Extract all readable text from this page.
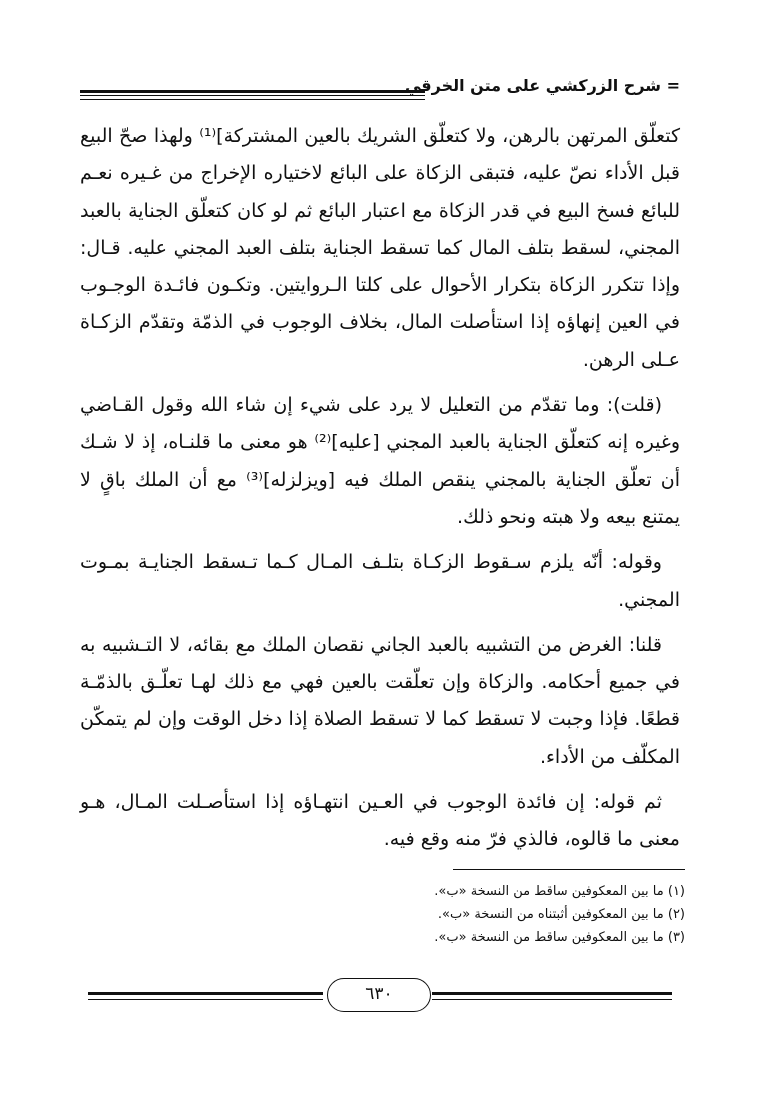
= شرح الزركشي على متن الخرقي

كتعلّق المرتهن بالرهن، ولا كتعلّق الشريك بالعين المشتركة]⁽¹⁾ ولهذا صحّ البيع قبل الأداء نصّ عليه، فتبقى الزكاة على البائع لاختياره الإخراج من غـيره نعـم للبائع فسخ البيع في قدر الزكاة مع اعتبار البائع ثم لو كان كتعلّق الجناية بالعبد المجني، لسقط بتلف المال كما تسقط الجناية بتلف العبد المجني عليه. قـال: وإذا تتكرر الزكاة بتكرار الأحوال على كلتا الـروايتين. وتكـون فائـدة الوجـوب في العين إنهاؤه إذا استأصلت المال، بخلاف الوجوب في الذمّة وتقدّم الزكـاة عـلى الرهن.

(قلت): وما تقدّم من التعليل لا يرد على شيء إن شاء الله وقول القـاضي وغيره إنه كتعلّق الجناية بالعبد المجني [عليه]⁽²⁾ هو معنى ما قلنـاه، إذ لا شـك أن تعلّق الجناية بالمجني ينقص الملك فيه [ويزلزله]⁽³⁾ مع أن الملك باقٍ لا يمتنع بيعه ولا هبته ونحو ذلك.

وقوله: أنّه يلزم سـقوط الزكـاة بتلـف المـال كـما تـسقط الجنايـة بمـوت المجني.

قلنا: الغرض من التشبيه بالعبد الجاني نقصان الملك مع بقائه، لا التـشبيه به في جميع أحكامه. والزكاة وإن تعلّقت بالعين فهي مع ذلك لهـا تعلّـق بالذمّـة قطعًا. فإذا وجبت لا تسقط كما لا تسقط الصلاة إذا دخل الوقت وإن لم يتمكّن المكلّف من الأداء.

ثم قوله: إن فائدة الوجوب في العـين انتهـاؤه إذا استأصـلت المـال، هـو معنى ما قالوه، فالذي فرّ منه وقع فيه.

(١) ما بين المعكوفين ساقط من النسخة «ب».

(٢) ما بين المعكوفين أثبتناه من النسخة «ب».

(٣) ما بين المعكوفين ساقط من النسخة «ب».

٦٣٠
